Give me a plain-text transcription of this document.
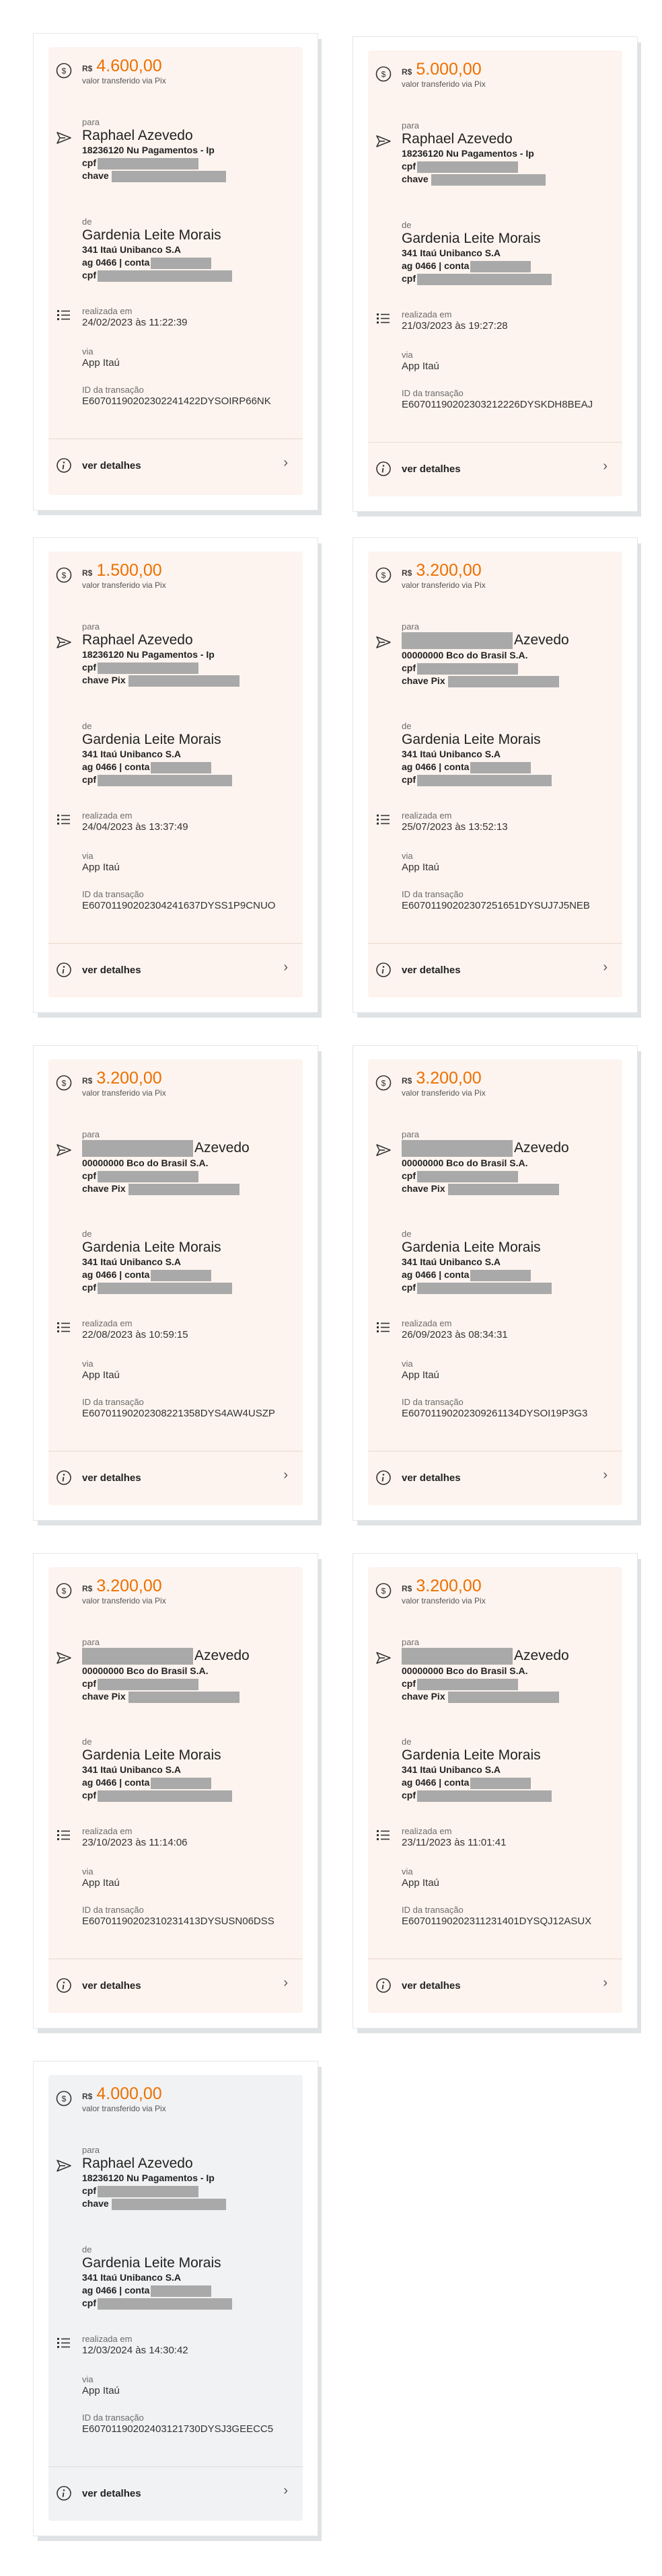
$ R$ 4.600,00
valor transferido via Pix
para
Raphael Azevedo
18236120 Nu Pagamentos - Ip
cpf
chave
de
Gardenia Leite Morais
341 Itaú Unibanco S.A
ag 0466 | conta
cpf
realizada em
24/02/2023 às 11:22:39
via
App Itaú
ID da transação
E60701190202302241422DYSOIRP66NK
ver detalhes	›
$ R$ 5.000,00
valor transferido via Pix
para
Raphael Azevedo
18236120 Nu Pagamentos - Ip
cpf
chave
de
Gardenia Leite Morais
341 Itaú Unibanco S.A
ag 0466 | conta
cpf
realizada em
21/03/2023 às 19:27:28
via
App Itaú
ID da transação
E60701190202303212226DYSKDH8BEAJ
ver detalhes	›
$ R$ 1.500,00
valor transferido via Pix
para
Raphael Azevedo
18236120 Nu Pagamentos - Ip
cpf
chave Pix
de
Gardenia Leite Morais
341 Itaú Unibanco S.A
ag 0466 | conta
cpf
realizada em
24/04/2023 às 13:37:49
via
App Itaú
ID da transação
E60701190202304241637DYSS1P9CNUO
ver detalhes	›
$ R$ 3.200,00
valor transferido via Pix
para
Azevedo
00000000 Bco do Brasil S.A.
cpf
chave Pix
de
Gardenia Leite Morais
341 Itaú Unibanco S.A
ag 0466 | conta
cpf
realizada em
25/07/2023 às 13:52:13
via
App Itaú
ID da transação
E60701190202307251651DYSUJ7J5NEB
ver detalhes	›
$ R$ 3.200,00
valor transferido via Pix
para
Azevedo
00000000 Bco do Brasil S.A.
cpf
chave Pix
de
Gardenia Leite Morais
341 Itaú Unibanco S.A
ag 0466 | conta
cpf
realizada em
22/08/2023 às 10:59:15
via
App Itaú
ID da transação
E60701190202308221358DYS4AW4USZP
ver detalhes	›
$ R$ 3.200,00
valor transferido via Pix
para
Azevedo
00000000 Bco do Brasil S.A.
cpf
chave Pix
de
Gardenia Leite Morais
341 Itaú Unibanco S.A
ag 0466 | conta
cpf
realizada em
26/09/2023 às 08:34:31
via
App Itaú
ID da transação
E60701190202309261134DYSOI19P3G3
ver detalhes	›
$ R$ 3.200,00
valor transferido via Pix
para
Azevedo
00000000 Bco do Brasil S.A.
cpf
chave Pix
de
Gardenia Leite Morais
341 Itaú Unibanco S.A
ag 0466 | conta
cpf
realizada em
23/10/2023 às 11:14:06
via
App Itaú
ID da transação
E60701190202310231413DYSUSN06DSS
ver detalhes	›
$ R$ 3.200,00
valor transferido via Pix
para
Azevedo
00000000 Bco do Brasil S.A.
cpf
chave Pix
de
Gardenia Leite Morais
341 Itaú Unibanco S.A
ag 0466 | conta
cpf
realizada em
23/11/2023 às 11:01:41
via
App Itaú
ID da transação
E60701190202311231401DYSQJ12ASUX
ver detalhes	›
$ R$ 4.000,00
valor transferido via Pix
para
Raphael Azevedo
18236120 Nu Pagamentos - Ip
cpf
chave
de
Gardenia Leite Morais
341 Itaú Unibanco S.A
ag 0466 | conta
cpf
realizada em
12/03/2024 às 14:30:42
via
App Itaú
ID da transação
E60701190202403121730DYSJ3GEECC5
ver detalhes	›
